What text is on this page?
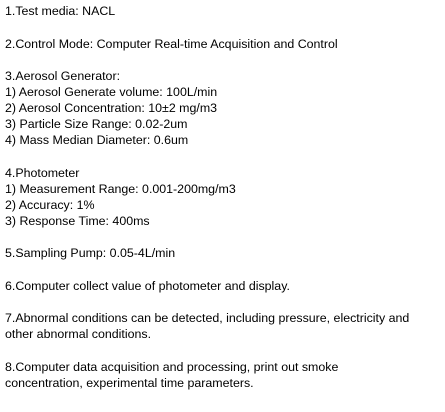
1.Test media: NACL
2.Control Mode: Computer Real-time Acquisition and Control
3.Aerosol Generator:
1) Aerosol Generate volume: 100L/min
2) Aerosol Concentration: 10±2 mg/m3
3) Particle Size Range: 0.02-2um
4) Mass Median Diameter: 0.6um
4.Photometer
1) Measurement Range: 0.001-200mg/m3
2) Accuracy: 1%
3) Response Time: 400ms
5.Sampling Pump: 0.05-4L/min
6.Computer collect value of photometer and display.
7.Abnormal conditions can be detected, including pressure, electricity and
other abnormal conditions.
8.Computer data acquisition and processing, print out smoke
concentration, experimental time parameters.
